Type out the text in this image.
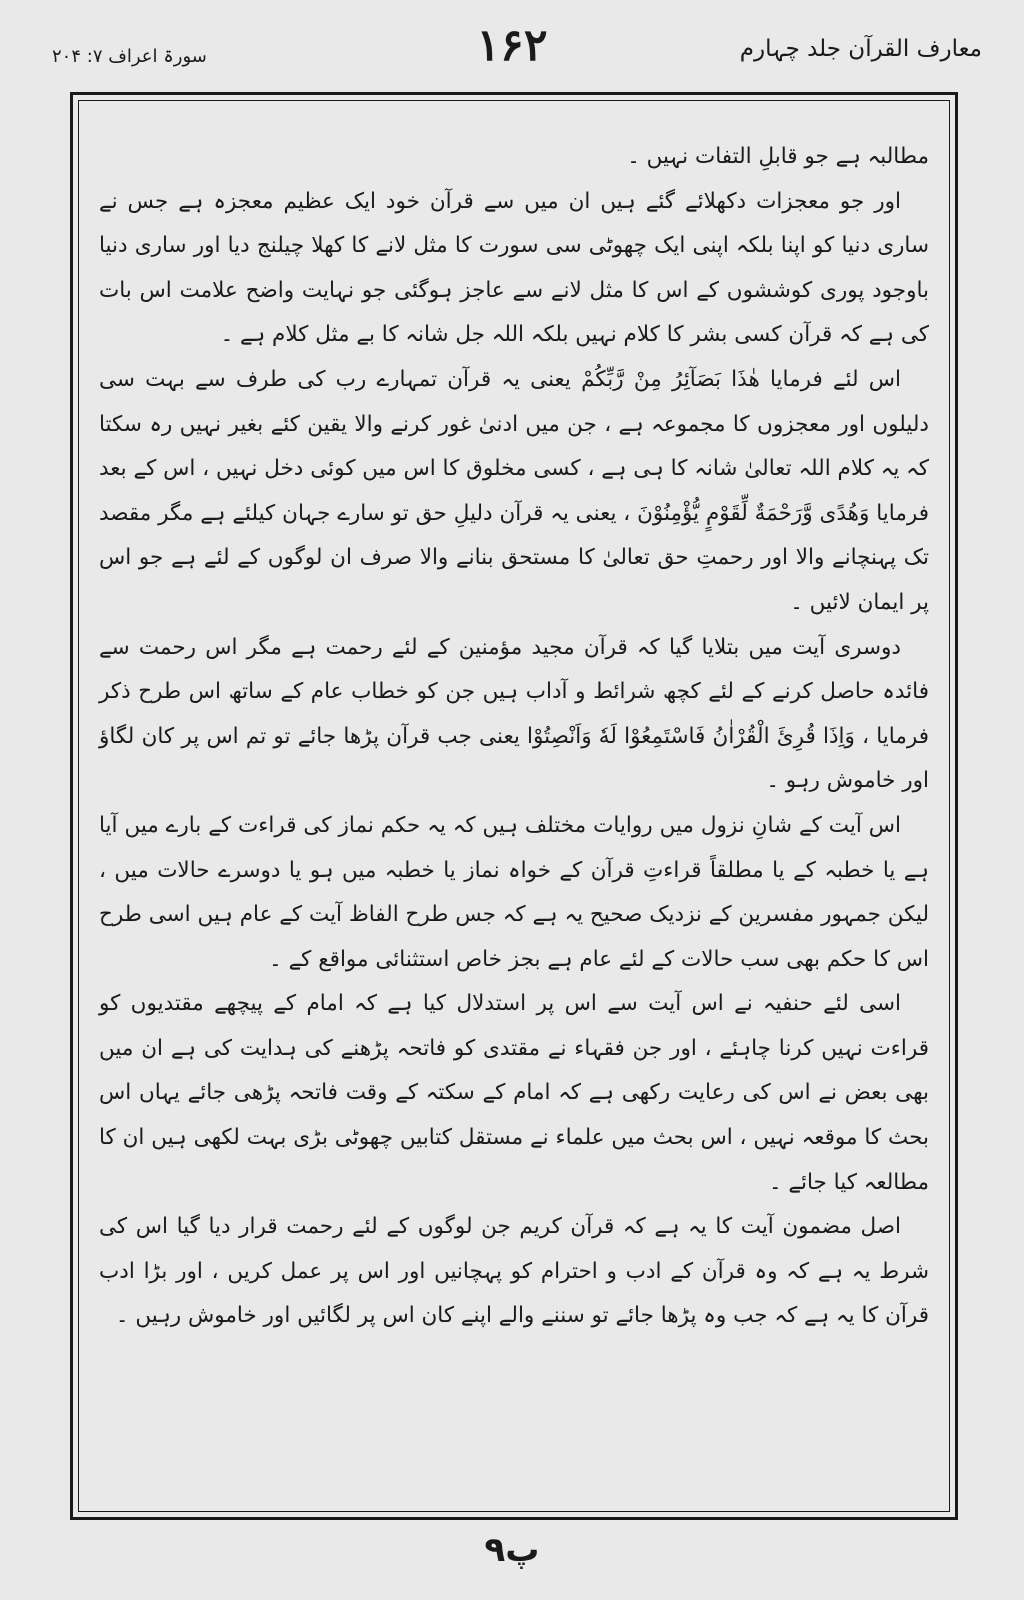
معارف القرآن جلد چہارم
۱۶۲
سورۃ اعراف ۷: ۲۰۴

مطالبہ ہے جو قابلِ التفات نہیں ۔

اور جو معجزات دکھلائے گئے ہیں ان میں سے قرآن خود ایک عظیم معجزہ ہے جس نے ساری دنیا کو اپنا بلکہ اپنی ایک چھوٹی سی سورت کا مثل لانے کا کھلا چیلنج دیا اور ساری دنیا باوجود پوری کوششوں کے اس کا مثل لانے سے عاجز ہوگئی جو نہایت واضح علامت اس بات کی ہے کہ قرآن کسی بشر کا کلام نہیں بلکہ اللہ جل شانہ کا بے مثل کلام ہے ۔

اس لئے فرمایا هٰذَا بَصَآئِرُ مِنْ رَّبِّكُمْ یعنی یہ قرآن تمہارے رب کی طرف سے بہت سی دلیلوں اور معجزوں کا مجموعہ ہے ، جن میں ادنیٰ غور کرنے والا یقین کئے بغیر نہیں رہ سکتا کہ یہ کلام اللہ تعالیٰ شانہ کا ہی ہے ، کسی مخلوق کا اس میں کوئی دخل نہیں ، اس کے بعد فرمایا وَهُدًى وَّرَحْمَةٌ لِّقَوْمٍ يُّؤْمِنُوْنَ ، یعنی یہ قرآن دلیلِ حق تو سارے جہان کیلئے ہے مگر مقصد تک پہنچانے والا اور رحمتِ حق تعالیٰ کا مستحق بنانے والا صرف ان لوگوں کے لئے ہے جو اس پر ایمان لائیں ۔

دوسری آیت میں بتلایا گیا کہ قرآن مجید مؤمنین کے لئے رحمت ہے مگر اس رحمت سے فائدہ حاصل کرنے کے لئے کچھ شرائط و آداب ہیں جن کو خطاب عام کے ساتھ اس طرح ذکر فرمایا ، وَاِذَا قُرِئَ الْقُرْاٰنُ فَاسْتَمِعُوْا لَهٗ وَاَنْصِتُوْا یعنی جب قرآن پڑھا جائے تو تم اس پر کان لگاؤ اور خاموش رہو ۔

اس آیت کے شانِ نزول میں روایات مختلف ہیں کہ یہ حکم نماز کی قراءت کے بارے میں آیا ہے یا خطبہ کے یا مطلقاً قراءتِ قرآن کے خواہ نماز یا خطبہ میں ہو یا دوسرے حالات میں ، لیکن جمہور مفسرین کے نزدیک صحیح یہ ہے کہ جس طرح الفاظ آیت کے عام ہیں اسی طرح اس کا حکم بھی سب حالات کے لئے عام ہے بجز خاص استثنائی مواقع کے ۔

اسی لئے حنفیہ نے اس آیت سے اس پر استدلال کیا ہے کہ امام کے پیچھے مقتدیوں کو قراءت نہیں کرنا چاہئے ، اور جن فقہاء نے مقتدی کو فاتحہ پڑھنے کی ہدایت کی ہے ان میں بھی بعض نے اس کی رعایت رکھی ہے کہ امام کے سکتہ کے وقت فاتحہ پڑھی جائے یہاں اس بحث کا موقعہ نہیں ، اس بحث میں علماء نے مستقل کتابیں چھوٹی بڑی بہت لکھی ہیں ان کا مطالعہ کیا جائے ۔

اصل مضمون آیت کا یہ ہے کہ قرآن کریم جن لوگوں کے لئے رحمت قرار دیا گیا اس کی شرط یہ ہے کہ وہ قرآن کے ادب و احترام کو پہچانیں اور اس پر عمل کریں ، اور بڑا ادب قرآن کا یہ ہے کہ جب وہ پڑھا جائے تو سننے والے اپنے کان اس پر لگائیں اور خاموش رہیں ۔

پ۹
